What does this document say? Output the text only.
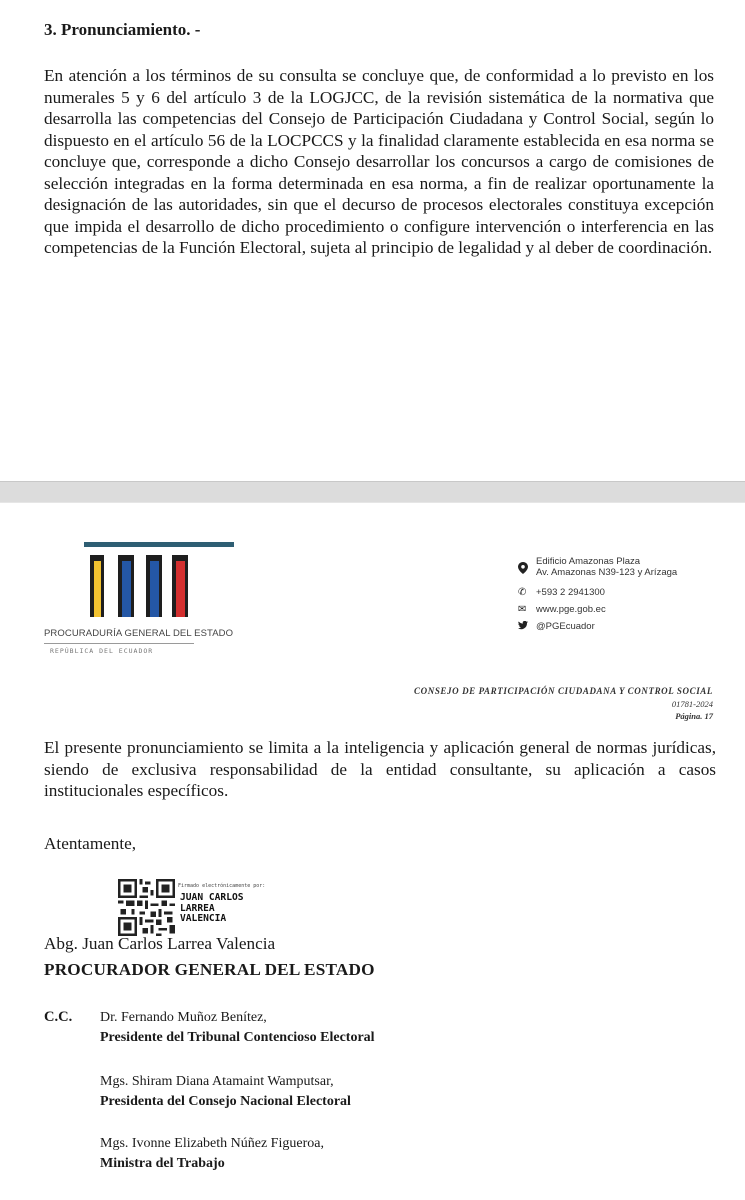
3. Pronunciamiento. -

En atención a los términos de su consulta se concluye que, de conformidad a lo previsto en los numerales 5 y 6 del artículo 3 de la LOGJCC, de la revisión sistemática de la normativa que desarrolla las competencias del Consejo de Participación Ciudadana y Control Social, según lo dispuesto en el artículo 56 de la LOCPCCS y la finalidad claramente establecida en esa norma se concluye que, corresponde a dicho Consejo desarrollar los concursos a cargo de comisiones de selección integradas en la forma determinada en esa norma, a fin de realizar oportunamente la designación de las autoridades, sin que el decurso de procesos electorales constituya excepción que impida el desarrollo de dicho procedimiento o configure intervención o interferencia en las competencias de la Función Electoral, sujeta al principio de legalidad y al deber de coordinación.

PROCURADURÍA GENERAL DEL ESTADO
REPÚBLICA DEL ECUADOR
Edificio Amazonas Plaza
Av. Amazonas N39-123 y Arízaga
✆	+593 2 2941300
✉	www.pge.gob.ec
@PGEcuador
CONSEJO DE PARTICIPACIÓN CIUDADANA Y CONTROL SOCIAL
01781-2024
Página. 17

El presente pronunciamiento se limita a la inteligencia y aplicación general de normas jurídicas, siendo de exclusiva responsabilidad de la entidad consultante, su aplicación a casos institucionales específicos.

Atentamente,
Firmado electrónicamente por:
JUAN CARLOS
LARREA
VALENCIA
Abg. Juan Carlos Larrea Valencia
PROCURADOR GENERAL DEL ESTADO
C.C. Dr. Fernando Muñoz Benítez,
Presidente del Tribunal Contencioso Electoral
Mgs. Shiram Diana Atamaint Wamputsar,
Presidenta del Consejo Nacional Electoral
Mgs. Ivonne Elizabeth Núñez Figueroa,
Ministra del Trabajo
